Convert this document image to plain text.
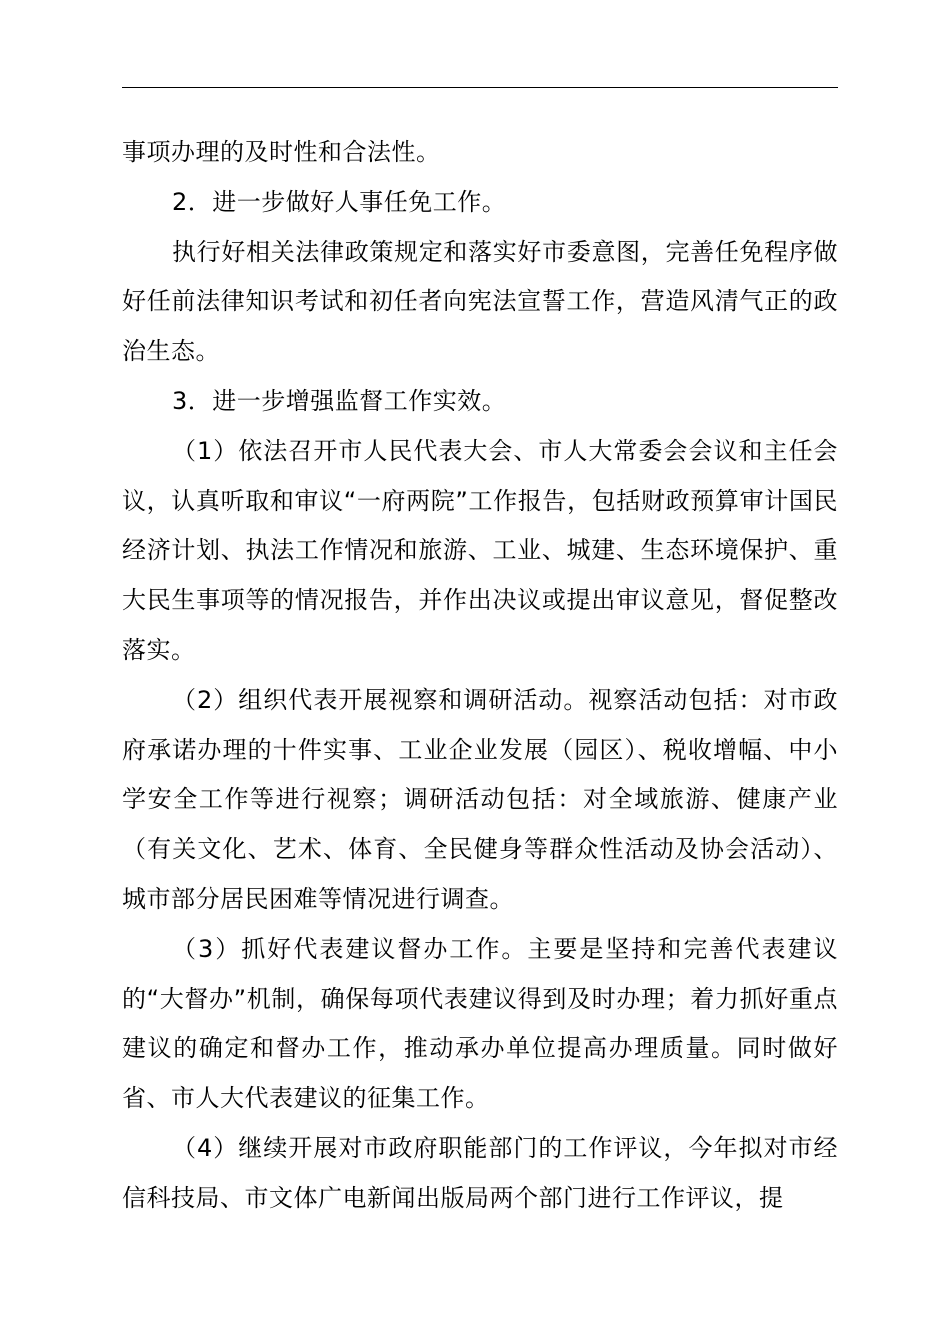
事项办理的及时性和合法性。

2．进一步做好人事任免工作。

执行好相关法律政策规定和落实好市委意图，完善任免程序做好任前法律知识考试和初任者向宪法宣誓工作，营造风清气正的政治生态。

3．进一步增强监督工作实效。

（1）依法召开市人民代表大会、市人大常委会会议和主任会议，认真听取和审议“一府两院”工作报告，包括财政预算审计国民经济计划、执法工作情况和旅游、工业、城建、生态环境保护、重大民生事项等的情况报告，并作出决议或提出审议意见，督促整改落实。

（2）组织代表开展视察和调研活动。视察活动包括：对市政府承诺办理的十件实事、工业企业发展（园区）、税收增幅、中小学安全工作等进行视察；调研活动包括：对全域旅游、健康产业（有关文化、艺术、体育、全民健身等群众性活动及协会活动）、城市部分居民困难等情况进行调查。

（3）抓好代表建议督办工作。主要是坚持和完善代表建议的“大督办”机制，确保每项代表建议得到及时办理；着力抓好重点建议的确定和督办工作，推动承办单位提高办理质量。同时做好省、市人大代表建议的征集工作。

（4）继续开展对市政府职能部门的工作评议，今年拟对市经信科技局、市文体广电新闻出版局两个部门进行工作评议，提
